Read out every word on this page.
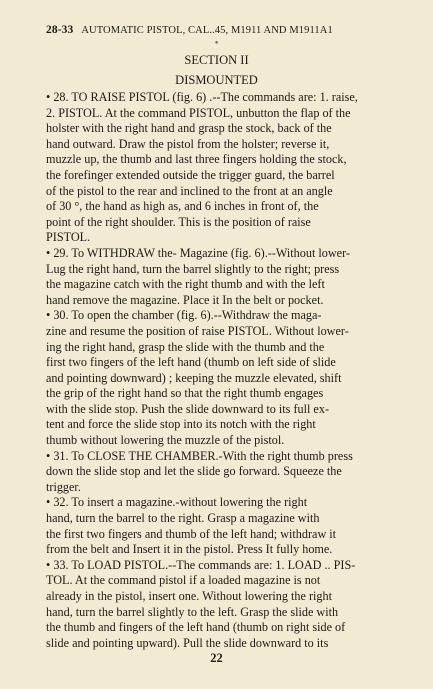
28-33 AUTOMATIC PISTOL, CAL..45, M1911 AND M1911A1
●
SECTION II
DISMOUNTED

• 28. TO RAISE PISTOL (fig. 6) .--The commands are: 1. raise,
2. PISTOL. At the command PISTOL, unbutton the flap of the
holster with the right hand and grasp the stock, back of the
hand outward. Draw the pistol from the holster; reverse it,
muzzle up, the thumb and last three fingers holding the stock,
the forefinger extended outside the trigger guard, the barrel
of the pistol to the rear and inclined to the front at an angle
of 30 °, the hand as high as, and 6 inches in front of, the
point of the right shoulder. This is the position of raise
PISTOL.

• 29. To WITHDRAW the- Magazine (fig. 6).--Without lower-
Lug the right hand, turn the barrel slightly to the right; press
the magazine catch with the right thumb and with the left
hand remove the magazine. Place it In the belt or pocket.

• 30. To open the chamber (fig. 6).--Withdraw the maga-
zine and resume the position of raise PISTOL. Without lower-
ing the right hand, grasp the slide with the thumb and the
first two fingers of the left hand (thumb on left side of slide
and pointing downward) ; keeping the muzzle elevated, shift
the grip of the right hand so that the right thumb engages
with the slide stop. Push the slide downward to its full ex-
tent and force the slide stop into its notch with the right
thumb without lowering the muzzle of the pistol.

• 31. To CLOSE THE CHAMBER.-With the right thumb press
down the slide stop and let the slide go forward. Squeeze the
trigger.

• 32. To insert a magazine.-without lowering the right
hand, turn the barrel to the right. Grasp a magazine with
the first two fingers and thumb of the left hand; withdraw it
from the belt and Insert it in the pistol. Press It fully home.

• 33. To LOAD PISTOL.--The commands are: 1. LOAD .. PIS-
TOL. At the command pistol if a loaded magazine is not
already in the pistol, insert one. Without lowering the right
hand, turn the barrel slightly to the left. Grasp the slide with
the thumb and fingers of the left hand (thumb on right side of
slide and pointing upward). Pull the slide downward to its

22
